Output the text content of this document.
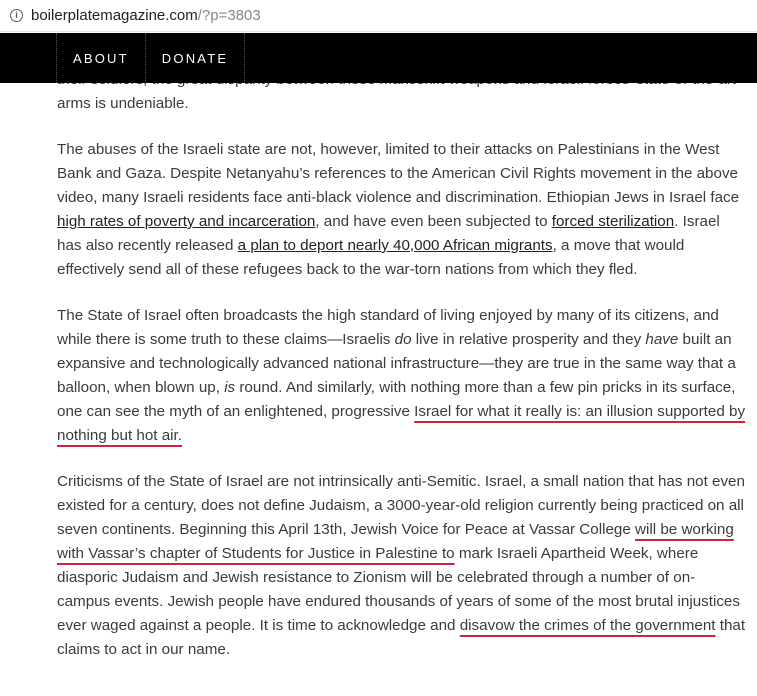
i boilerplatemagazine.com /?p=3803

arms is undeniable.

The abuses of the Israeli state are not, however, limited to their attacks on Palestinians in the West Bank and Gaza. Despite Netanyahu’s references to the American Civil Rights movement in the above video, many Israeli residents face anti-black violence and discrimination. Ethiopian Jews in Israel face high rates of poverty and incarceration, and have even been subjected to forced sterilization. Israel has also recently released a plan to deport nearly 40,000 African migrants, a move that would effectively send all of these refugees back to the war-torn nations from which they fled.

The State of Israel often broadcasts the high standard of living enjoyed by many of its citizens, and while there is some truth to these claims—Israelis do live in relative prosperity and they have built an expansive and technologically advanced national infrastructure—they are true in the same way that a balloon, when blown up, is round. And similarly, with nothing more than a few pin pricks in its surface, one can see the myth of an enlightened, progressive Israel for what it really is: an illusion supported by nothing but hot air.

Criticisms of the State of Israel are not intrinsically anti-Semitic. Israel, a small nation that has not even existed for a century, does not define Judaism, a 3000-year-old religion currently being practiced on all seven continents. Beginning this April 13th, Jewish Voice for Peace at Vassar College will be working with Vassar’s chapter of Students for Justice in Palestine to mark Israeli Apartheid Week, where diasporic Judaism and Jewish resistance to Zionism will be celebrated through a number of on-campus events. Jewish people have endured thousands of years of some of the most brutal injustices ever waged against a people. It is time to acknowledge and disavow the crimes of the government that claims to act in our name.

ABOUT	DONATE
